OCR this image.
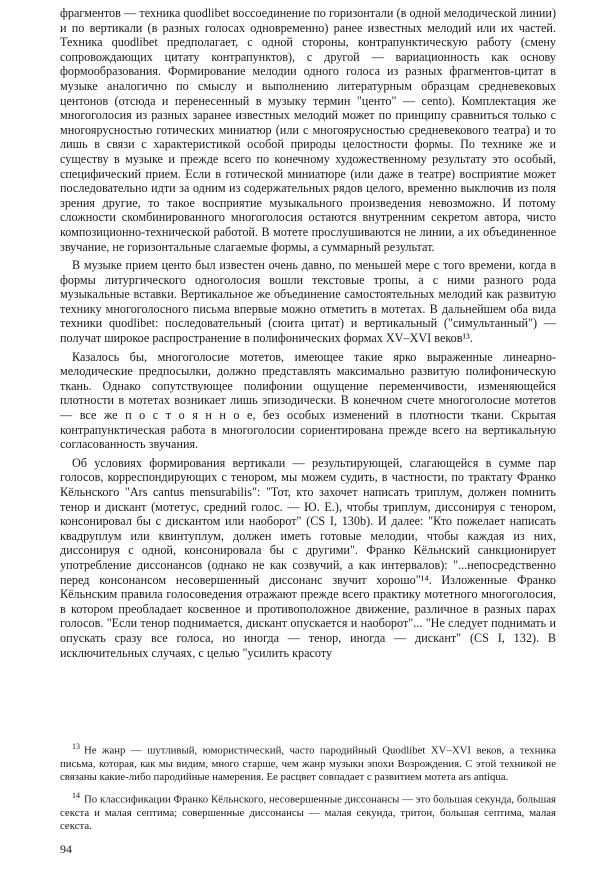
фрагментов — техника quodlibet воссоединение по горизонтали (в одной мелодической линии) и по вертикали (в разных голосах одновременно) ранее известных мелодий или их частей. Техника quodlibet предполагает, с одной стороны, контрапунктическую работу (смену сопровождающих цитату контрапунктов), с другой — вариационность как основу формообразования. Формирование мелодии одного голоса из разных фрагментов-цитат в музыке аналогично по смыслу и выполнению литературным образцам средневековых центонов (отсюда и перенесенный в музыку термин "центо" — cento). Комплектация же многоголосия из разных заранее известных мелодий может по принципу сравниться только с многоярусностью готических миниатюр (или с многоярусностью средневекового театра) и то лишь в связи с характеристикой особой природы целостности формы. По технике же и существу в музыке и прежде всего по конечному художественному результату это особый, специфический прием. Если в готической миниатюре (или даже в театре) восприятие может последовательно идти за одним из содержательных рядов целого, временно выключив из поля зрения другие, то такое восприятие музыкального произведения невозможно. И потому сложности скомбинированного многоголосия остаются внутренним секретом автора, чисто композиционно-технической работой. В мотете прослушиваются не линии, а их объединенное звучание, не горизонтальные слагаемые формы, а суммарный результат.

В музыке прием центо был известен очень давно, по меньшей мере с того времени, когда в формы литургического одноголосия вошли текстовые тропы, а с ними разного рода музыкальные вставки. Вертикальное же объединение самостоятельных мелодий как развитую технику многоголосного письма впервые можно отметить в мотетах. В дальнейшем оба вида техники quodlibet: последовательный (сюита цитат) и вертикальный ("симультанный") — получат широкое распространение в полифонических формах XV–XVI веков¹³.

Казалось бы, многоголосие мотетов, имеющее такие ярко выраженные линеарно-мелодические предпосылки, должно представлять максимально развитую полифоническую ткань. Однако сопутствующее полифонии ощущение переменчивости, изменяющейся плотности в мотетах возникает лишь эпизодически. В конечном счете многоголосие мотетов — все же п о с т о я н н о е, без особых изменений в плотности ткани. Скрытая контрапунктическая работа в многоголосии сориентирована прежде всего на вертикальную согласованность звучания.

Об условиях формирования вертикали — результирующей, слагающейся в сумме пар голосов, корреспондирующих с тенором, мы можем судить, в частности, по трактату Франко Кёльнского "Ars cantus mensurabilis": "Тот, кто захочет написать триплум, должен помнить тенор и дискант (мотетус, средний голос. — Ю. Е.), чтобы триплум, диссонируя с тенором, консонировал бы с дискантом или наоборот" (CS I, 130b). И далее: "Кто пожелает написать квадруплум или квинтуплум, должен иметь готовые мелодии, чтобы каждая из них, диссонируя с одной, консонировала бы с другими". Франко Кёльнский санкционирует употребление диссонансов (однако не как созвучий, а как интервалов): "...непосредственно перед консонансом несовершенный диссонанс звучит хорошо"¹⁴. Изложенные Франко Кёльнским правила голосоведения отражают прежде всего практику мотетного многоголосия, в котором преобладает косвенное и противоположное движение, различное в разных парах голосов. "Если тенор поднимается, дискант опускается и наоборот"... "Не следует поднимать и опускать сразу все голоса, но иногда — тенор, иногда — дискант" (CS I, 132). В исключительных случаях, с целью "усилить красоту

$^{13}$ Не жанр — шутливый, юмористический, часто пародийный Quodlibet XV–XVI веков, а техника письма, которая, как мы видим, много старше, чем жанр музыки эпохи Возрождения. С этой техникой не связаны какие-либо пародийные намерения. Ее расцвет совпадает с развитием мотета ars antiqua.

$^{14}$ По классификации Франко Кёльнского, несовершенные диссонансы — это большая секунда, большая секста и малая септима; совершенные диссонансы — малая секунда, тритон, большая септима, малая секста.

94
